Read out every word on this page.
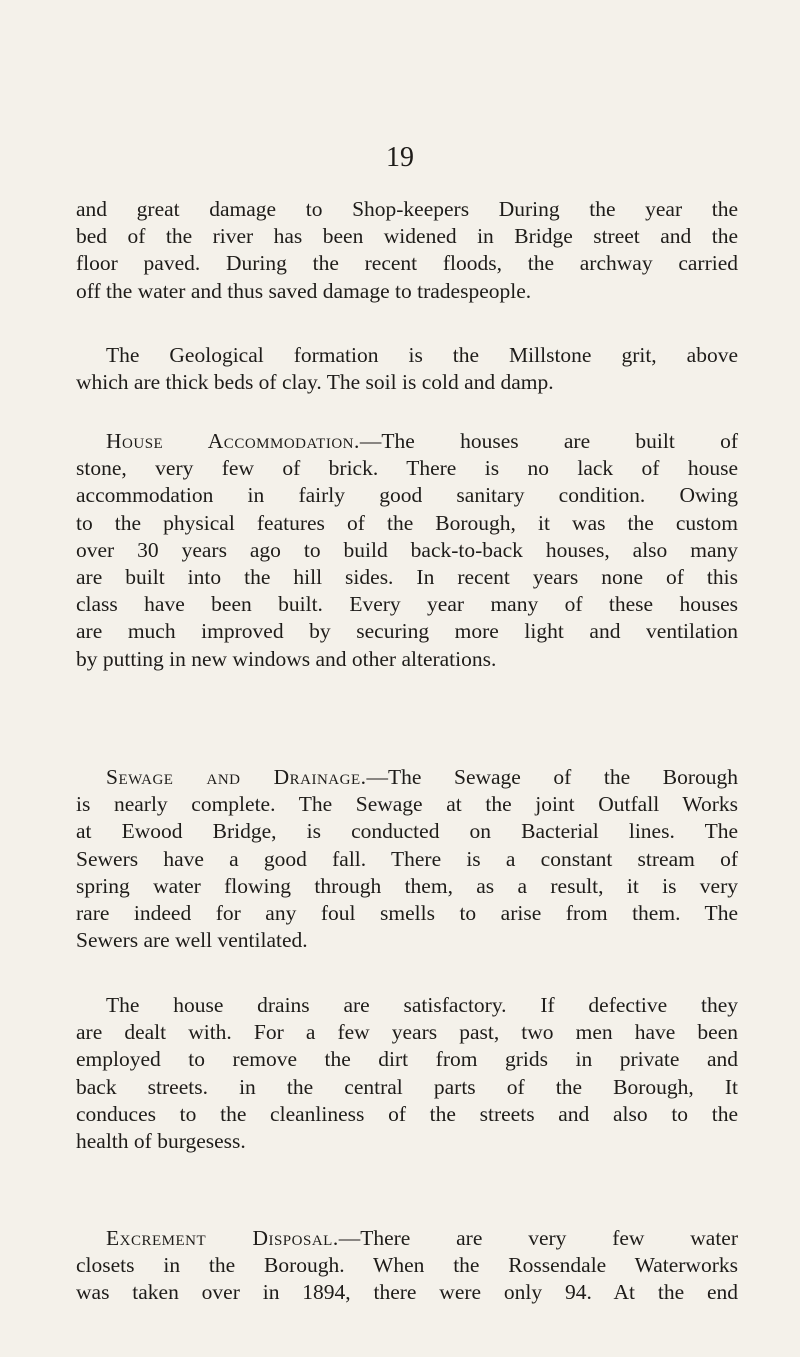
19

and great damage to Shop-keepers During the year the
bed of the river has been widened in Bridge street and the
floor paved. During the recent floods, the archway carried
off the water and thus saved damage to tradespeople.

The Geological formation is the Millstone grit, above
which are thick beds of clay. The soil is cold and damp.

House Accommodation.—The houses are built of
stone, very few of brick. There is no lack of house
accommodation in fairly good sanitary condition. Owing
to the physical features of the Borough, it was the custom
over 30 years ago to build back-to-back houses, also many
are built into the hill sides. In recent years none of this
class have been built. Every year many of these houses
are much improved by securing more light and ventilation
by putting in new windows and other alterations.

Sewage and Drainage.—The Sewage of the Borough
is nearly complete. The Sewage at the joint Outfall Works
at Ewood Bridge, is conducted on Bacterial lines. The
Sewers have a good fall. There is a constant stream of
spring water flowing through them, as a result, it is very
rare indeed for any foul smells to arise from them. The
Sewers are well ventilated.

The house drains are satisfactory. If defective they
are dealt with. For a few years past, two men have been
employed to remove the dirt from grids in private and
back streets. in the central parts of the Borough, It
conduces to the cleanliness of the streets and also to the
health of burgesess.

Excrement Disposal.—There are very few water
closets in the Borough. When the Rossendale Waterworks
was taken over in 1894, there were only 94. At the end
